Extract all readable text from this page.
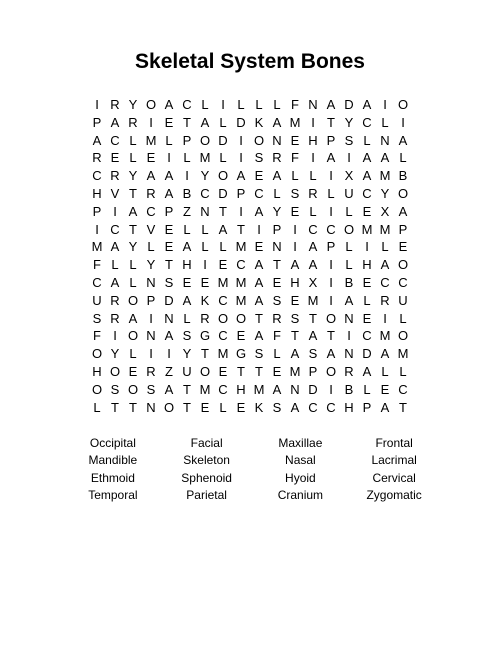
Skeletal System Bones
I R Y O A C L I L L L F N A D A I O
P A R I E T A L D K A M I T Y C L I
A C L M L P O D I O N E H P S L N A
R E L E I L M L I S R F I A I A A L
C R Y A A I Y O A E A L L I X A M B
H V T R A B C D P C L S R L U C Y O
P I A C P Z N T I A Y E L I L E X A
I C T V E L L A T I P I C C O M M P
M A Y L E A L L M E N I A P L I L E
F L L Y T H I E C A T A A I L H A O
C A L N S E E M M A E H X I B E C C
U R O P D A K C M A S E M I A L R U
S R A I N L R O O T R S T O N E I L
F I O N A S G C E A F T A T I C M O
O Y L I	I Y T M G S L A S A N D A M
H O E R Z U O E T T E M P O R A L L
O S O S A T M C H M A N D I B L E C
L T T N O T E L E K S A C C H P A T
Occipital	Facial	Maxillae	Frontal
Mandible	Skeleton	Nasal	Lacrimal
Ethmoid	Sphenoid	Hyoid	Cervical
Temporal	Parietal	Cranium	Zygomatic
